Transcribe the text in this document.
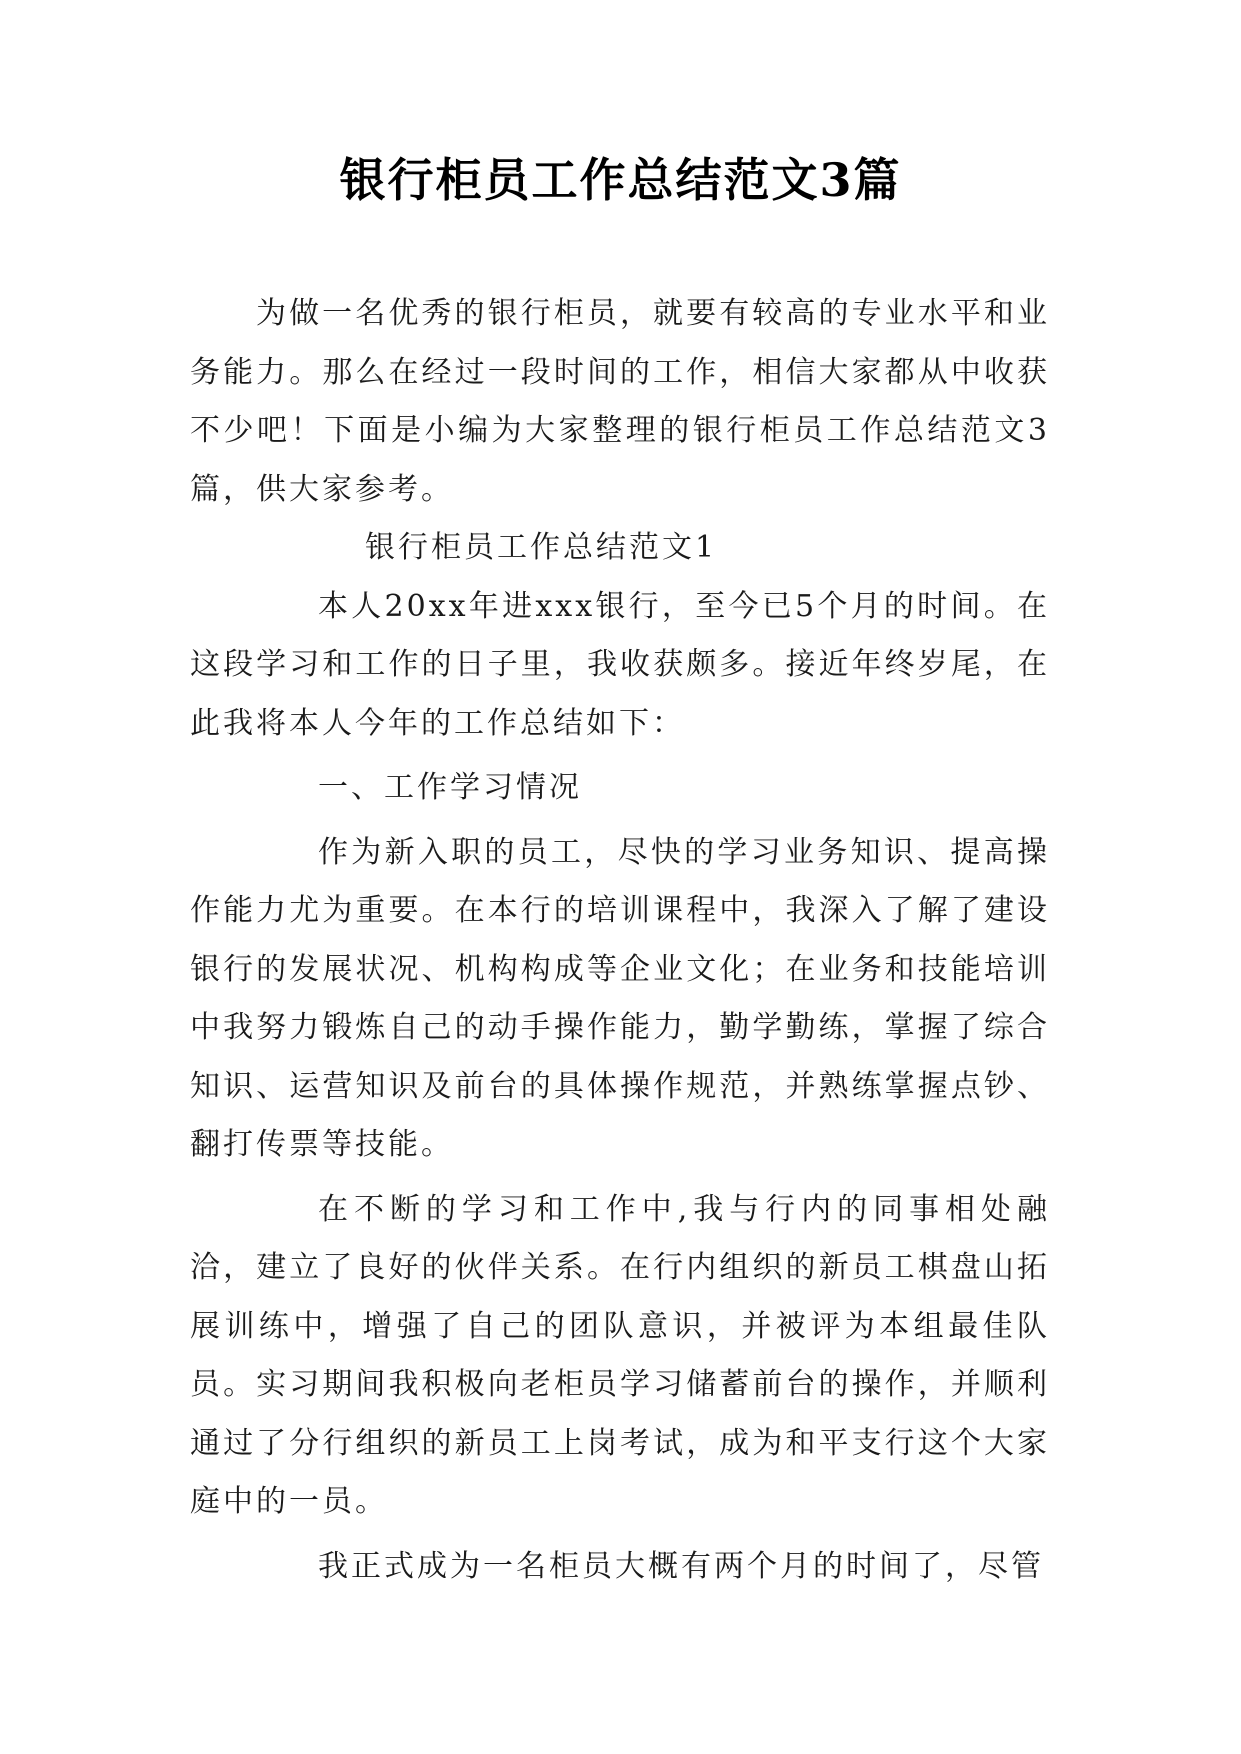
银行柜员工作总结范文3篇

为做一名优秀的银行柜员，就要有较高的专业水平和业务能力。那么在经过一段时间的工作，相信大家都从中收获不少吧！下面是小编为大家整理的银行柜员工作总结范文3篇，供大家参考。

银行柜员工作总结范文1

本人20xx年进xxx银行，至今已5个月的时间。在这段学习和工作的日子里，我收获颇多。接近年终岁尾，在此我将本人今年的工作总结如下：

一、工作学习情况

作为新入职的员工，尽快的学习业务知识、提高操作能力尤为重要。在本行的培训课程中，我深入了解了建设银行的发展状况、机构构成等企业文化；在业务和技能培训中我努力锻炼自己的动手操作能力，勤学勤练，掌握了综合知识、运营知识及前台的具体操作规范，并熟练掌握点钞、翻打传票等技能。

在不断的学习和工作中,我与行内的同事相处融洽，建立了良好的伙伴关系。在行内组织的新员工棋盘山拓展训练中，增强了自己的团队意识，并被评为本组最佳队员。实习期间我积极向老柜员学习储蓄前台的操作，并顺利通过了分行组织的新员工上岗考试，成为和平支行这个大家庭中的一员。

我正式成为一名柜员大概有两个月的时间了，尽管
